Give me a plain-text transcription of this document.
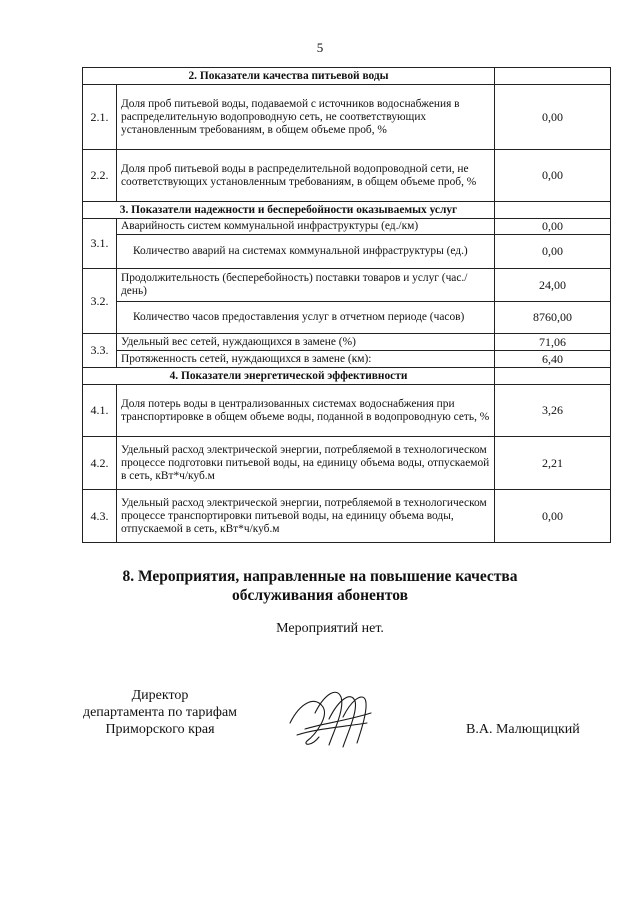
5
2. Показатели качества питьевой воды		
2.1.	Доля проб питьевой воды, подаваемой с источников водоснабжения в распределительную водопроводную сеть, не соответствующих установленным требованиям, в общем объеме проб, %	0,00
2.2.	Доля проб питьевой воды в распределительной водопроводной сети, не соответствующих установленным требованиям, в общем объеме проб, %	0,00
3. Показатели надежности и бесперебойности оказываемых услуг		
3.1.	Аварийность систем коммунальной инфраструктуры (ед./км)	0,00
	Количество аварий на системах коммунальной инфраструктуры (ед.)	0,00
3.2.	Продолжительность (бесперебойность) поставки товаров и услуг (час./день)	24,00
	Количество часов предоставления услуг в отчетном периоде (часов)	8760,00
3.3.	Удельный вес сетей, нуждающихся в замене (%)	71,06
	Протяженность сетей, нуждающихся в замене (км):	6,40
4. Показатели энергетической эффективности		
4.1.	Доля потерь воды в централизованных системах водоснабжения при транспортировке в общем объеме воды, поданной в водопроводную сеть, %	3,26
4.2.	Удельный расход электрической энергии, потребляемой в технологическом процессе подготовки питьевой воды, на единицу объема воды, отпускаемой в сеть, кВт*ч/куб.м	2,21
4.3.	Удельный расход электрической энергии, потребляемой в технологическом процессе транспортировки питьевой воды, на единицу объема воды, отпускаемой в сеть, кВт*ч/куб.м	0,00
8. Мероприятия, направленные на повышение качества
обслуживания абонентов
Мероприятий нет.
Директор
департамента по тарифам
Приморского края	В.А. Малющицкий
